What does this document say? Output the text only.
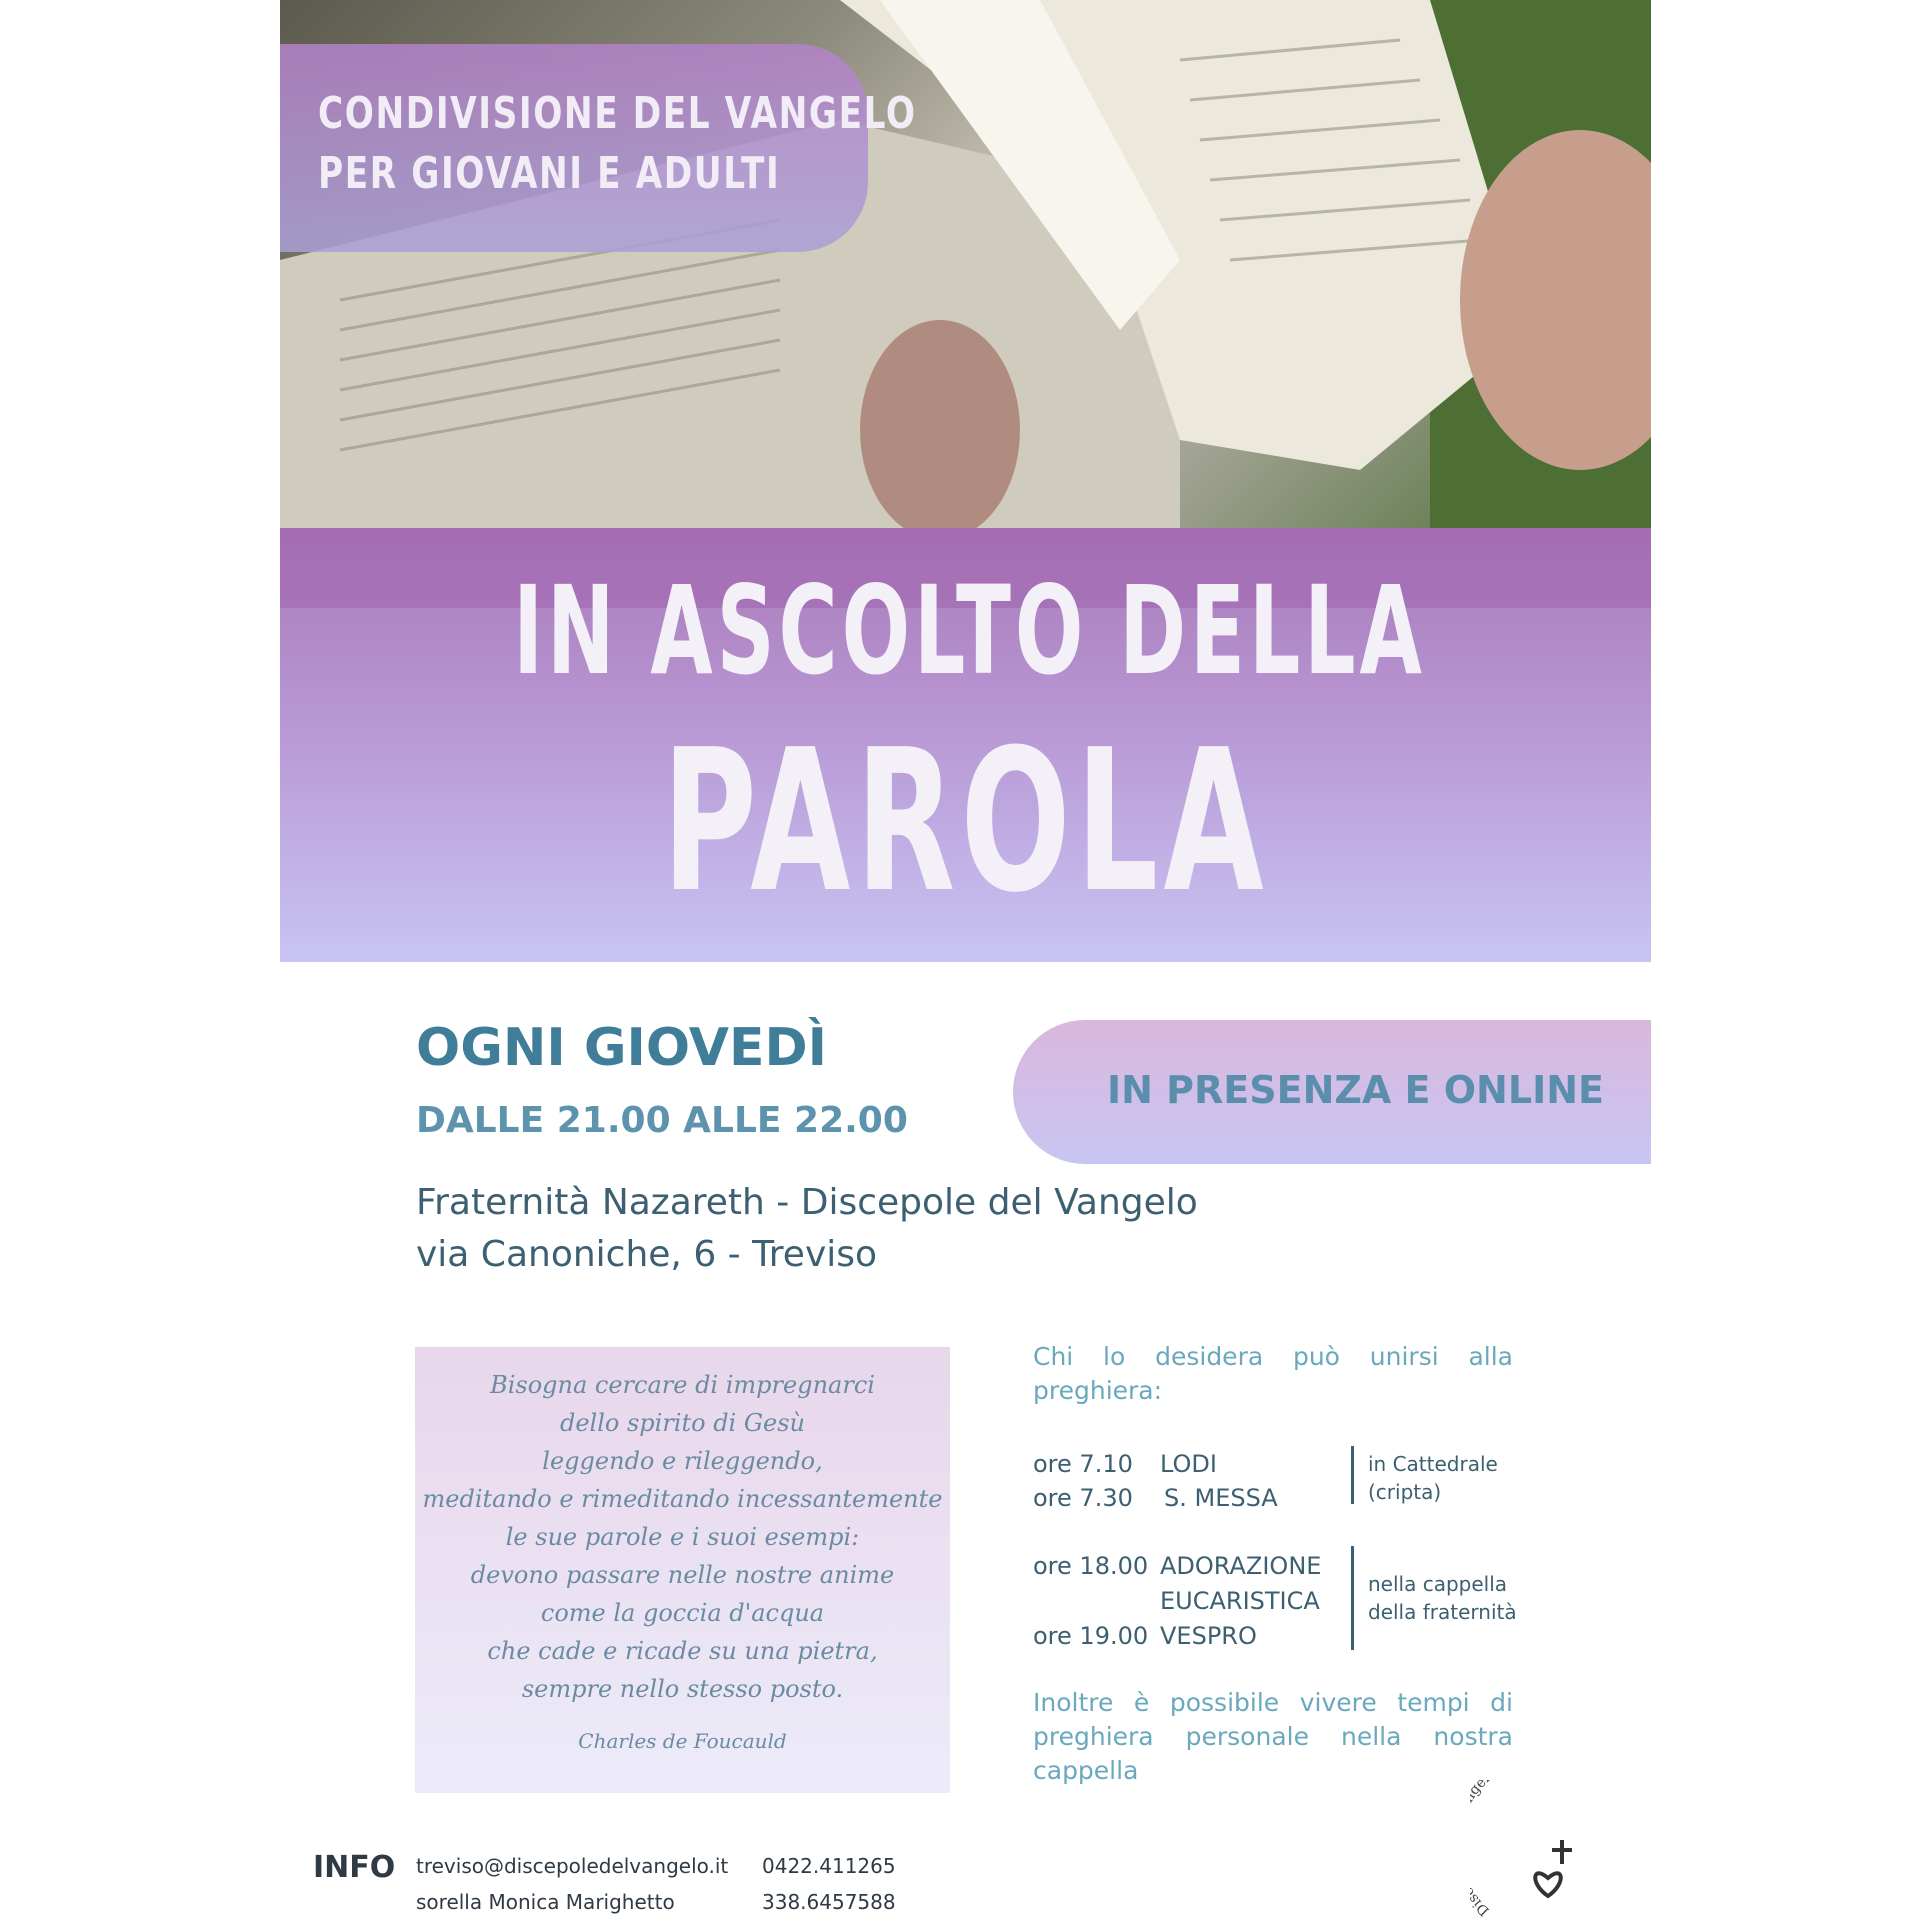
CONDIVISIONE DEL VANGELO
PER GIOVANI E ADULTI
IN ASCOLTO DELLA
PAROLA
OGNI GIOVEDÌ
DALLE 21.00 ALLE 22.00
IN PRESENZA E ONLINE
Fraternità Nazareth - Discepole del Vangelo
via Canoniche, 6 - Treviso
Bisogna cercare di impregnarci
dello spirito di Gesù
leggendo e rileggendo,
meditando e rimeditando incessantemente
le sue parole e i suoi esempi:
devono passare nelle nostre anime
come la goccia d'acqua
che cade e ricade su una pietra,
sempre nello stesso posto.
Charles de Foucauld
Chi lo desidera può unirsi alla
preghiera:
ore 7.10 LODI
ore 7.30 S. MESSA
in Cattedrale
(cripta)
ore 18.00 ADORAZIONE
EUCARISTICA
ore 19.00 VESPRO
nella cappella
della fraternità
Inoltre è possibile vivere tempi di
preghiera personale nella nostra
cappella
INFO treviso@discepoledelvangelo.it 0422.411265
sorella Monica Marighetto	338.6457588	Di e
